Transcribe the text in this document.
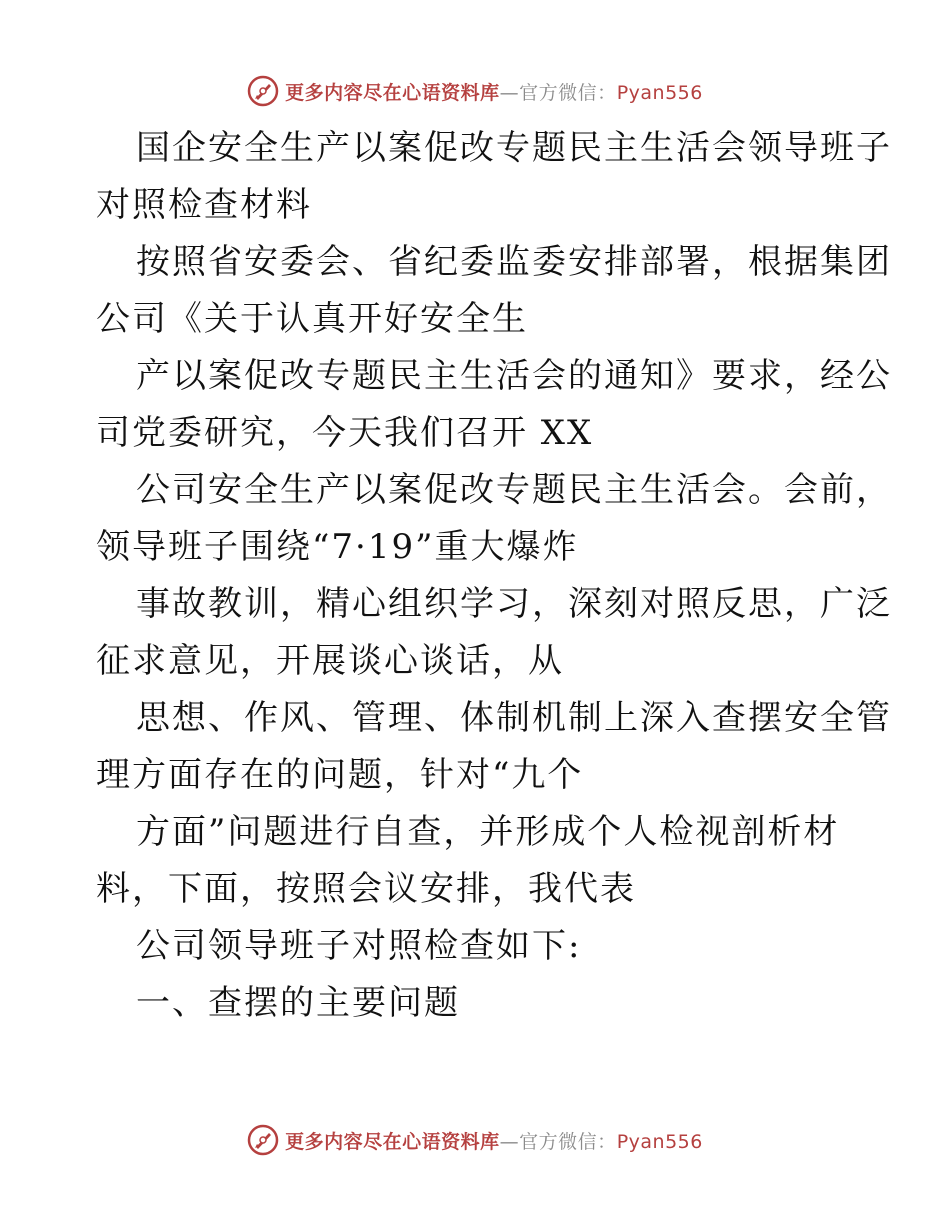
更多内容尽在心语资料库—官方微信：Pyan556
国企安全生产以案促改专题民主生活会领导班子
对照检查材料
按照省安委会、省纪委监委安排部署，根据集团
公司《关于认真开好安全生
产以案促改专题民主生活会的通知》要求，经公
司党委研究，今天我们召开 XX
公司安全生产以案促改专题民主生活会。会前，
领导班子围绕“7·19”重大爆炸
事故教训，精心组织学习，深刻对照反思，广泛
征求意见，开展谈心谈话，从
思想、作风、管理、体制机制上深入查摆安全管
理方面存在的问题，针对“九个
方面”问题进行自查，并形成个人检视剖析材
料，下面，按照会议安排，我代表
公司领导班子对照检查如下:
一、查摆的主要问题
更多内容尽在心语资料库—官方微信：Pyan556
